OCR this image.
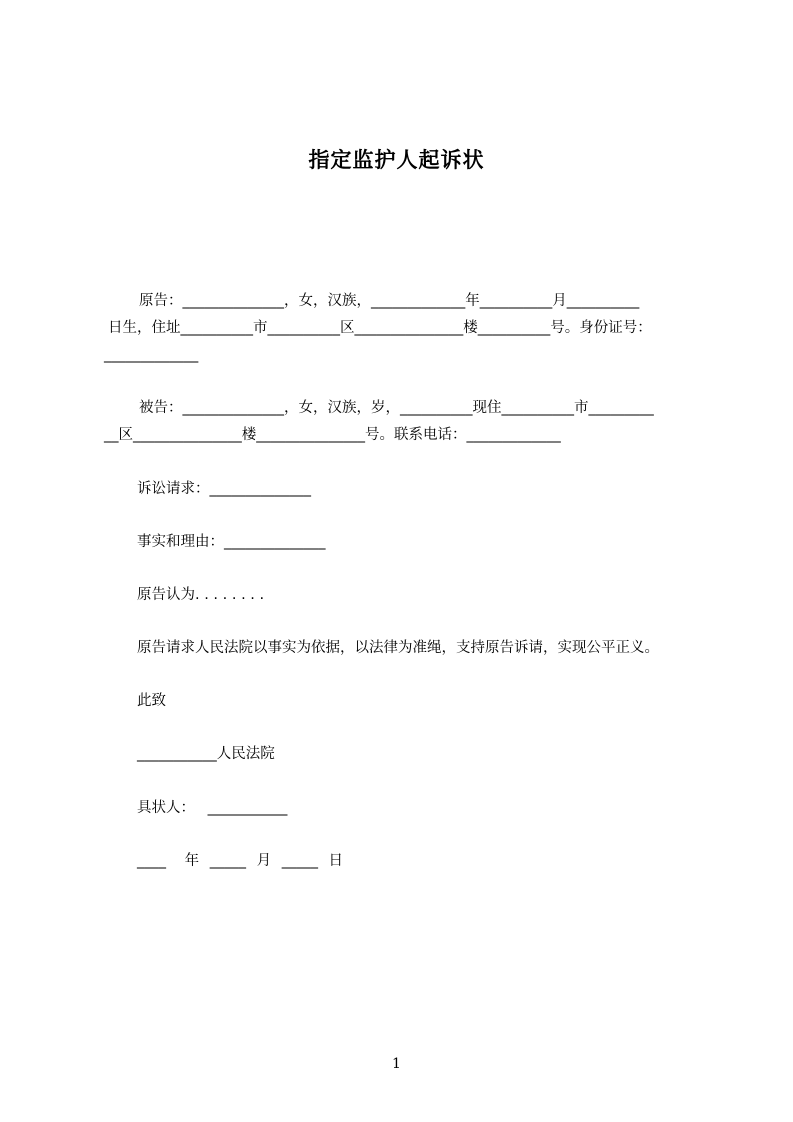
指定监护人起诉状
原告：______________，女，汉族，_____________年__________月__________
日生，住址__________市__________区_______________楼__________号。身份证号：
_____________
被告：______________，女，汉族，岁，__________现住__________市_________
__区_______________楼_______________号。联系电话：_____________
诉讼请求：______________
事实和理由：______________
原告认为. . . . . . . .
原告请求人民法院以事实为依据，以法律为准绳，支持原告诉请，实现公平正义。
此致
___________人民法院
具状人： ___________
____ 年 _____ 月 _____ 日
1
